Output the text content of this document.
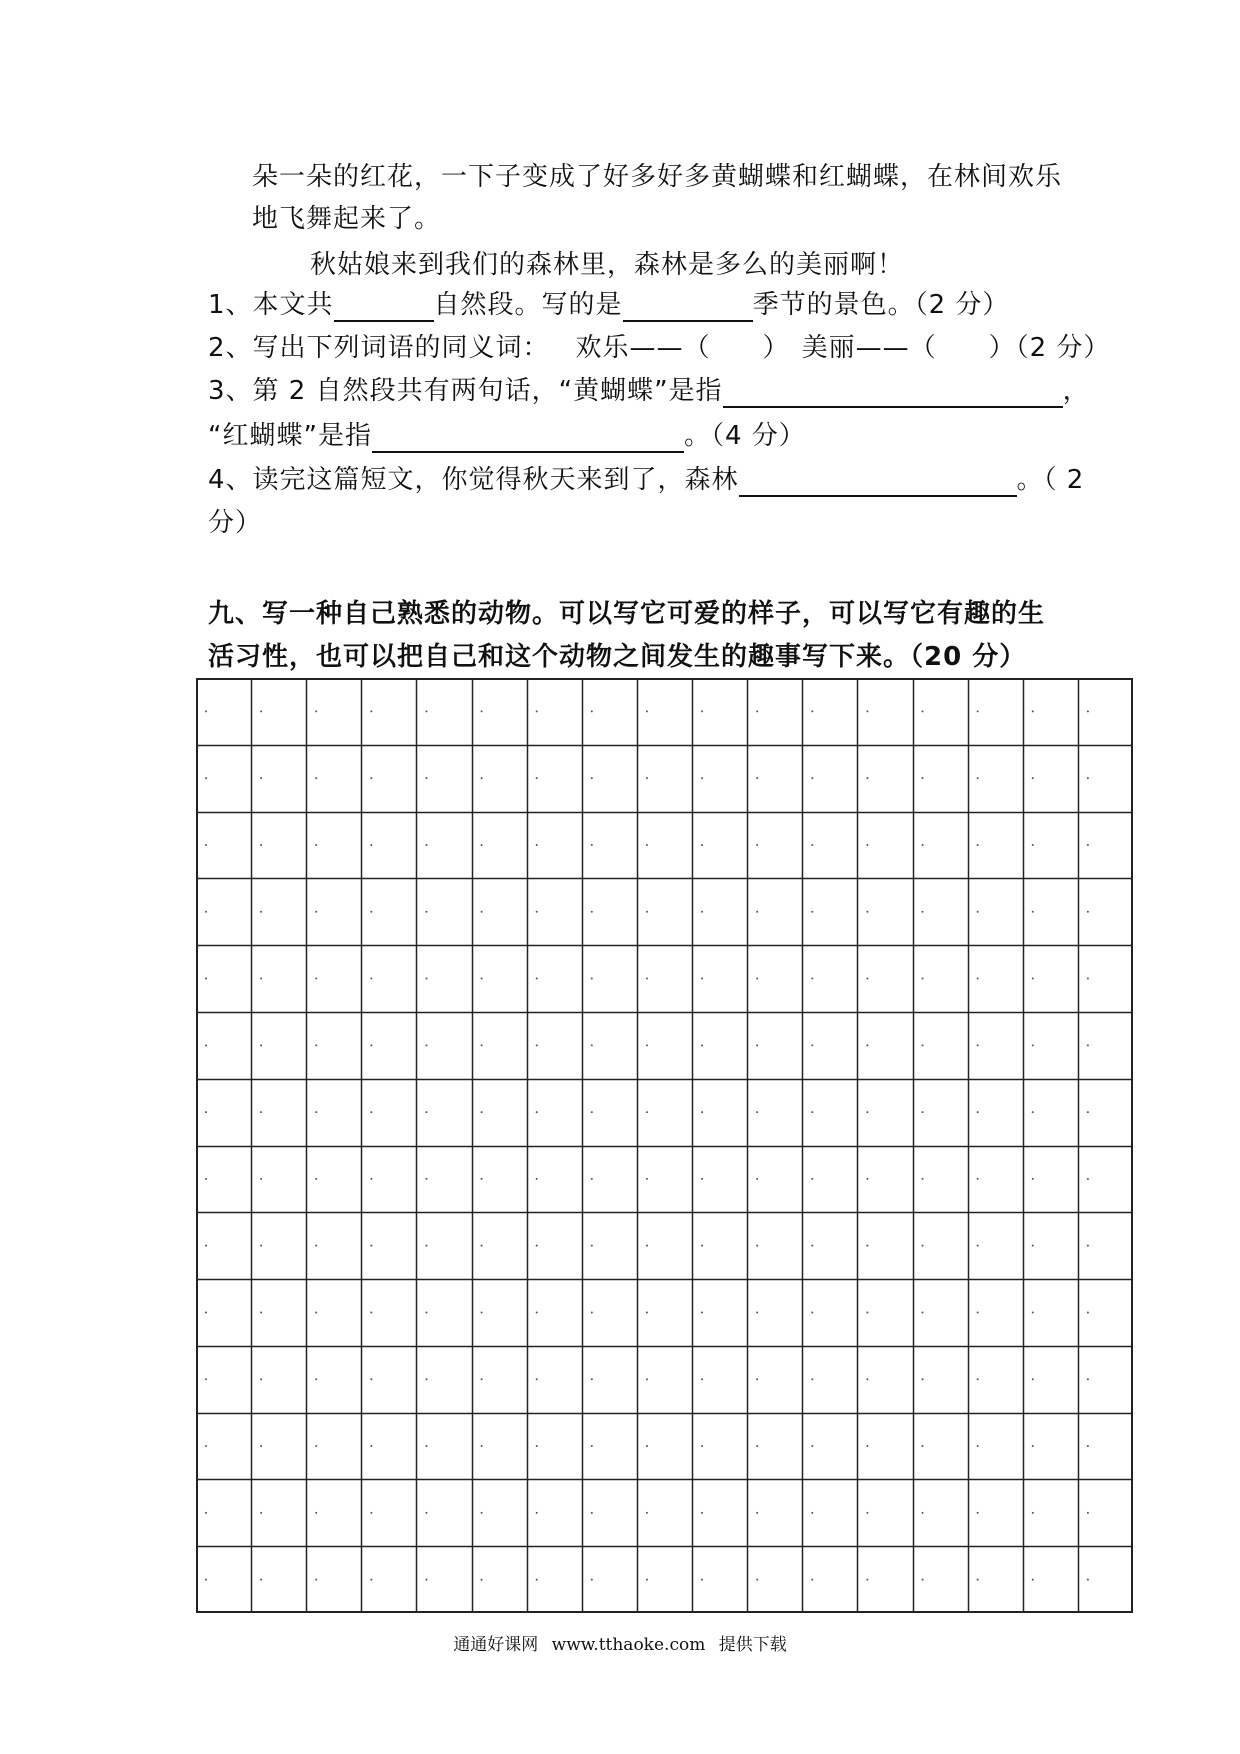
朵一朵的红花，一下子变成了好多好多黄蝴蝶和红蝴蝶，在林间欢乐
地飞舞起来了。
秋姑娘来到我们的森林里，森林是多么的美丽啊！
1、本文共	自然段。写的是	季节的景色。（2 分）
2、写出下列词语的同义词： 欢乐——（ ） 美丽——（ ）（2 分）
3、第 2 自然段共有两句话，“黄蝴蝶”是指	，
“红蝴蝶”是指	。（4 分）
4、读完这篇短文，你觉得秋天来到了，森林	。（ 2
分）
九、写一种自己熟悉的动物。可以写它可爱的样子，可以写它有趣的生
活习性，也可以把自己和这个动物之间发生的趣事写下来。（20 分）
通通好课网 www.tthaoke.com 提供下载
